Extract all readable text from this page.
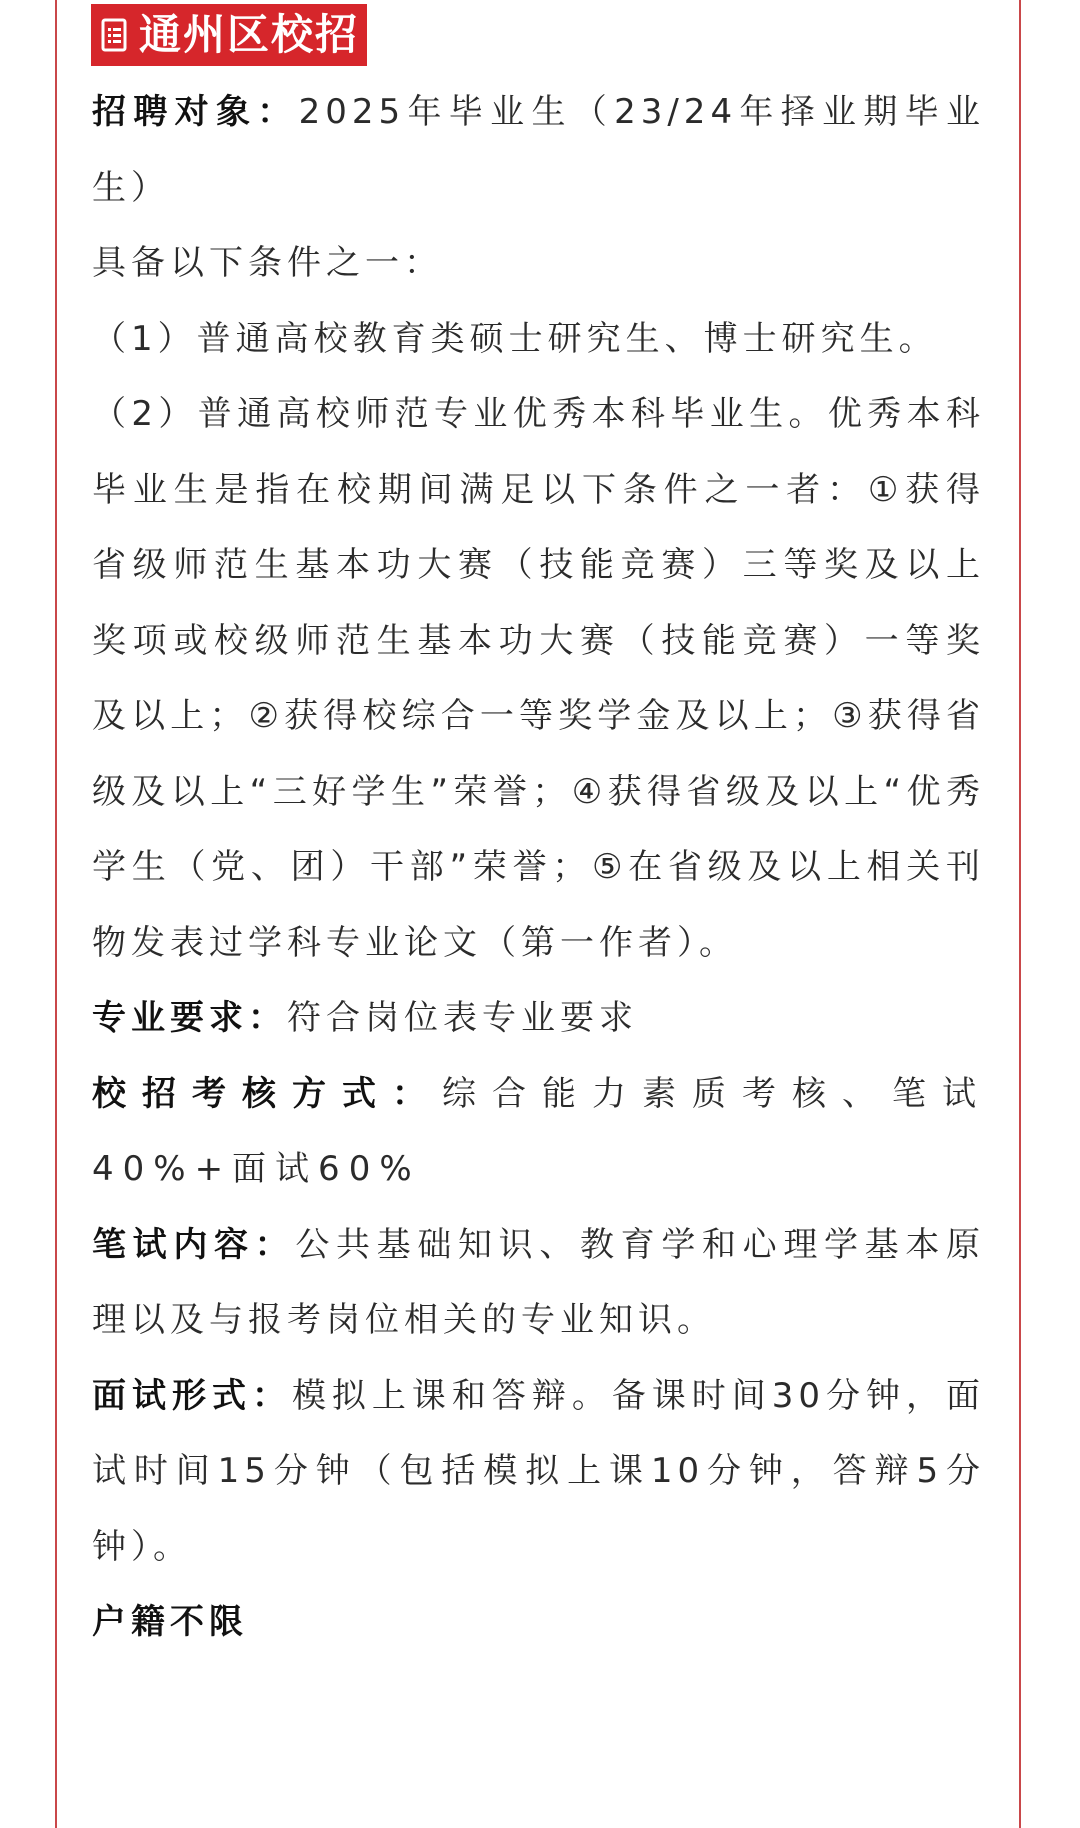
通州区校招

招聘对象：2025年毕业生（23/24年择业期毕业生）

具备以下条件之一：

（1）普通高校教育类硕士研究生、博士研究生。

（2）普通高校师范专业优秀本科毕业生。优秀本科毕业生是指在校期间满足以下条件之一者：①获得省级师范生基本功大赛（技能竞赛）三等奖及以上奖项或校级师范生基本功大赛（技能竞赛）一等奖及以上；②获得校综合一等奖学金及以上；③获得省级及以上“三好学生”荣誉；④获得省级及以上“优秀学生（党、团）干部”荣誉；⑤在省级及以上相关刊物发表过学科专业论文（第一作者）。

专业要求：符合岗位表专业要求

校招考核方式：综合能力素质考核、笔试40%+面试60%

笔试内容：公共基础知识、教育学和心理学基本原理以及与报考岗位相关的专业知识。

面试形式：模拟上课和答辩。备课时间30分钟，面试时间15分钟（包括模拟上课10分钟，答辩5分钟）。

户籍不限
